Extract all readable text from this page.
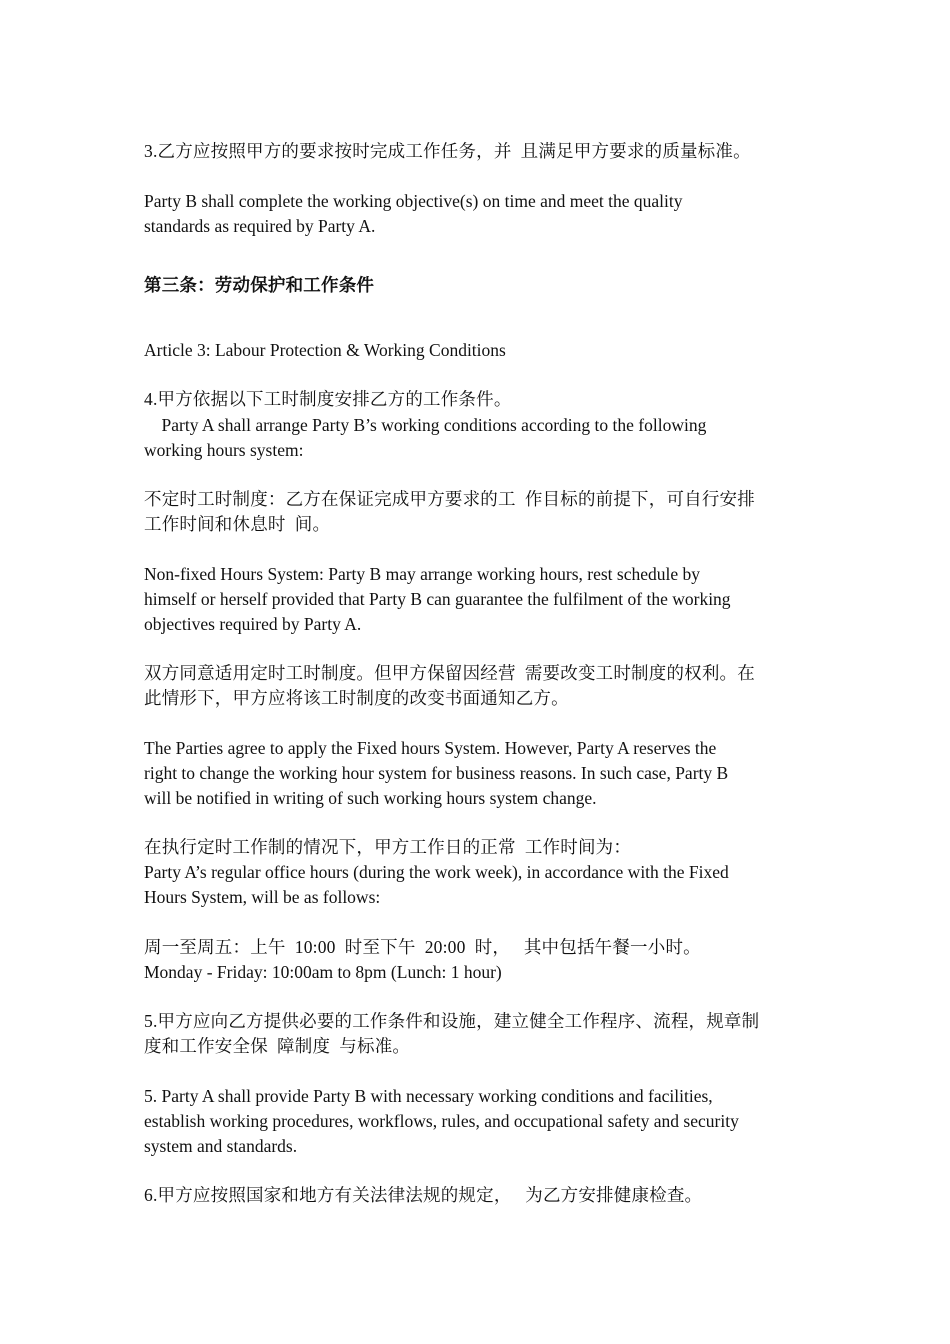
3.乙方应按照甲方的要求按时完成工作任务，并  且满足甲方要求的质量标准。
Party B shall complete the working objective(s) on time and meet the quality
standards as required by Party A.
第三条：劳动保护和工作条件
Article 3: Labour Protection & Working Conditions
4.甲方依据以下工时制度安排乙方的工作条件。
Party A shall arrange Party B’s working conditions according to the following
working hours system:
不定时工时制度：乙方在保证完成甲方要求的工  作目标的前提下，可自行安排
工作时间和休息时  间。
Non-fixed Hours System: Party B may arrange working hours, rest schedule by
himself or herself provided that Party B can guarantee the fulfilment of the working
objectives required by Party A.
双方同意适用定时工时制度。但甲方保留因经营  需要改变工时制度的权利。在
此情形下，甲方应将该工时制度的改变书面通知乙方。
The Parties agree to apply the Fixed hours System. However, Party A reserves the
right to change the working hour system for business reasons. In such case, Party B
will be notified in writing of such working hours system change.
在执行定时工作制的情况下，甲方工作日的正常  工作时间为：
Party A’s regular office hours (during the work week), in accordance with the Fixed
Hours System, will be as follows:
周一至周五：上午  10:00  时至下午  20:00  时，   其中包括午餐一小时。
Monday - Friday: 10:00am to 8pm (Lunch: 1 hour)
5.甲方应向乙方提供必要的工作条件和设施，建立健全工作程序、流程，规章制
度和工作安全保  障制度  与标准。
5. Party A shall provide Party B with necessary working conditions and facilities,
establish working procedures, workflows, rules, and occupational safety and security
system and standards.
6.甲方应按照国家和地方有关法律法规的规定，   为乙方安排健康检查。
